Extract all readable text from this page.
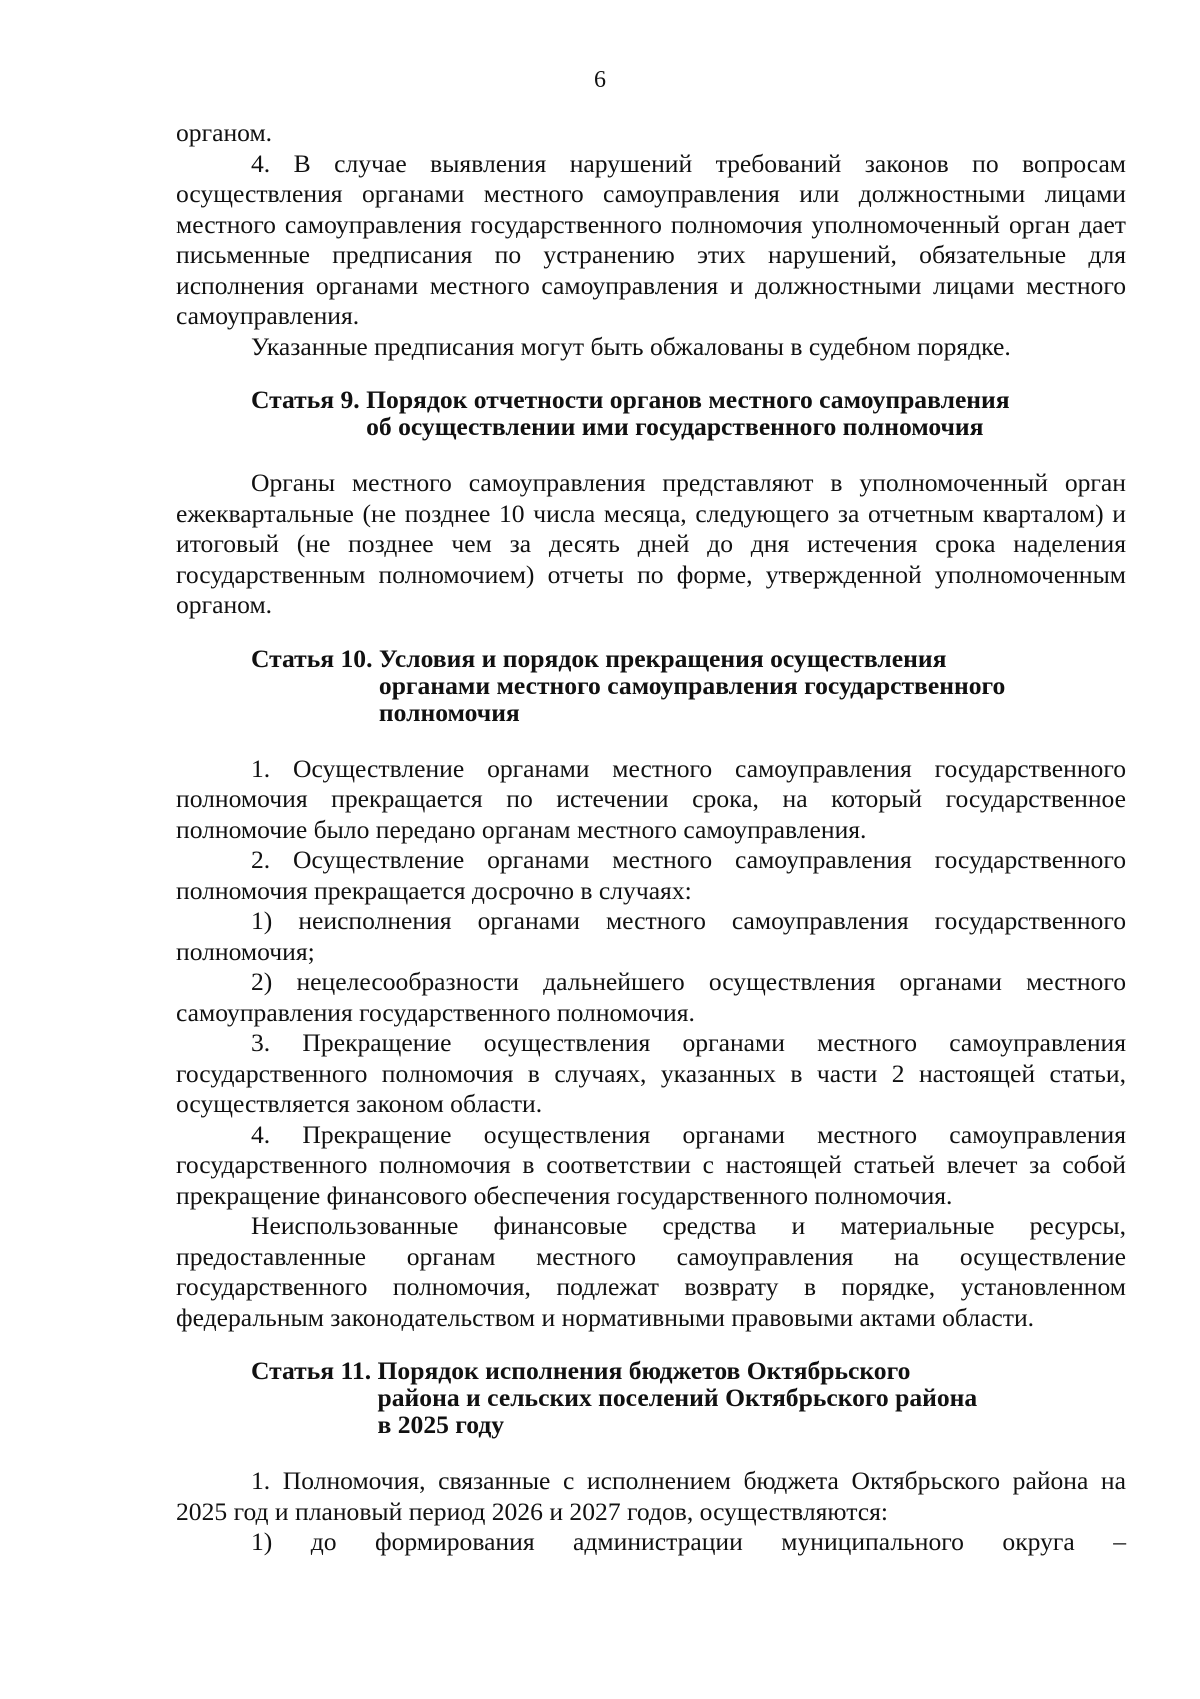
6

органом.

4. В случае выявления нарушений требований законов по вопросам осуществления органами местного самоуправления или должностными лицами местного самоуправления государственного полномочия уполномоченный орган дает письменные предписания по устранению этих нарушений, обязательные для исполнения органами местного самоуправления и должностными лицами местного самоуправления.

Указанные предписания могут быть обжалованы в судебном порядке.

Статья 9. Порядок отчетности органов местного самоуправления
об осуществлении ими государственного полномочия

Органы местного самоуправления представляют в уполномоченный орган ежеквартальные (не позднее 10 числа месяца, следующего за отчетным кварталом) и итоговый (не позднее чем за десять дней до дня истечения срока наделения государственным полномочием) отчеты по форме, утвержденной уполномоченным органом.

Статья 10. Условия и порядок прекращения осуществления
органами местного самоуправления государственного
полномочия

1. Осуществление органами местного самоуправления государственного полномочия прекращается по истечении срока, на который государственное полномочие было передано органам местного самоуправления.

2. Осуществление органами местного самоуправления государственного полномочия прекращается досрочно в случаях:

1) неисполнения органами местного самоуправления государственного полномочия;

2) нецелесообразности дальнейшего осуществления органами местного самоуправления государственного полномочия.

3. Прекращение осуществления органами местного самоуправления государственного полномочия в случаях, указанных в части 2 настоящей статьи, осуществляется законом области.

4. Прекращение осуществления органами местного самоуправления государственного полномочия в соответствии с настоящей статьей влечет за собой прекращение финансового обеспечения государственного полномочия.

Неиспользованные финансовые средства и материальные ресурсы, предоставленные органам местного самоуправления на осуществление государственного полномочия, подлежат возврату в порядке, установленном федеральным законодательством и нормативными правовыми актами области.

Статья 11. Порядок исполнения бюджетов Октябрьского
района и сельских поселений Октябрьского района
в 2025 году

1. Полномочия, связанные с исполнением бюджета Октябрьского района на 2025 год и плановый период 2026 и 2027 годов, осуществляются:

1) до формирования администрации муниципального округа –
